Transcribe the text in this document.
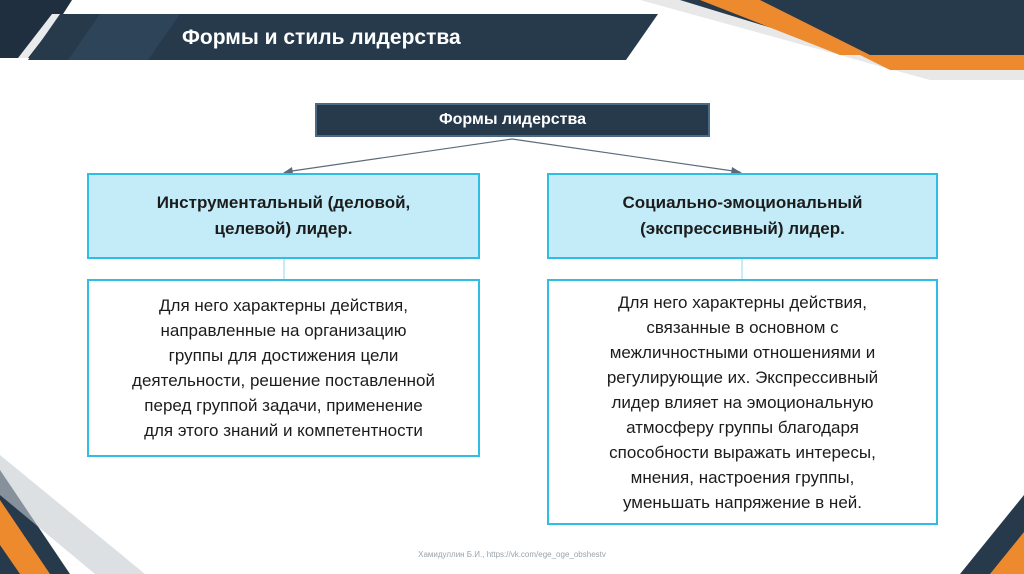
Формы и стиль лидерства
Формы лидерства
Инструментальный (деловой,
целевой) лидер.
Социально-эмоциональный
(экспрессивный) лидер.
Для него характерны действия,
направленные на организацию
группы для достижения цели
деятельности, решение поставленной
перед группой задачи, применение
для этого знаний и компетентности
Для него характерны действия,
связанные в основном с
межличностными отношениями и
регулирующие их. Экспрессивный
лидер влияет на эмоциональную
атмосферу группы благодаря
способности выражать интересы,
мнения, настроения группы,
уменьшать напряжение в ней.
Хамидуллин Б.И., https://vk.com/ege_oge_obshestv
